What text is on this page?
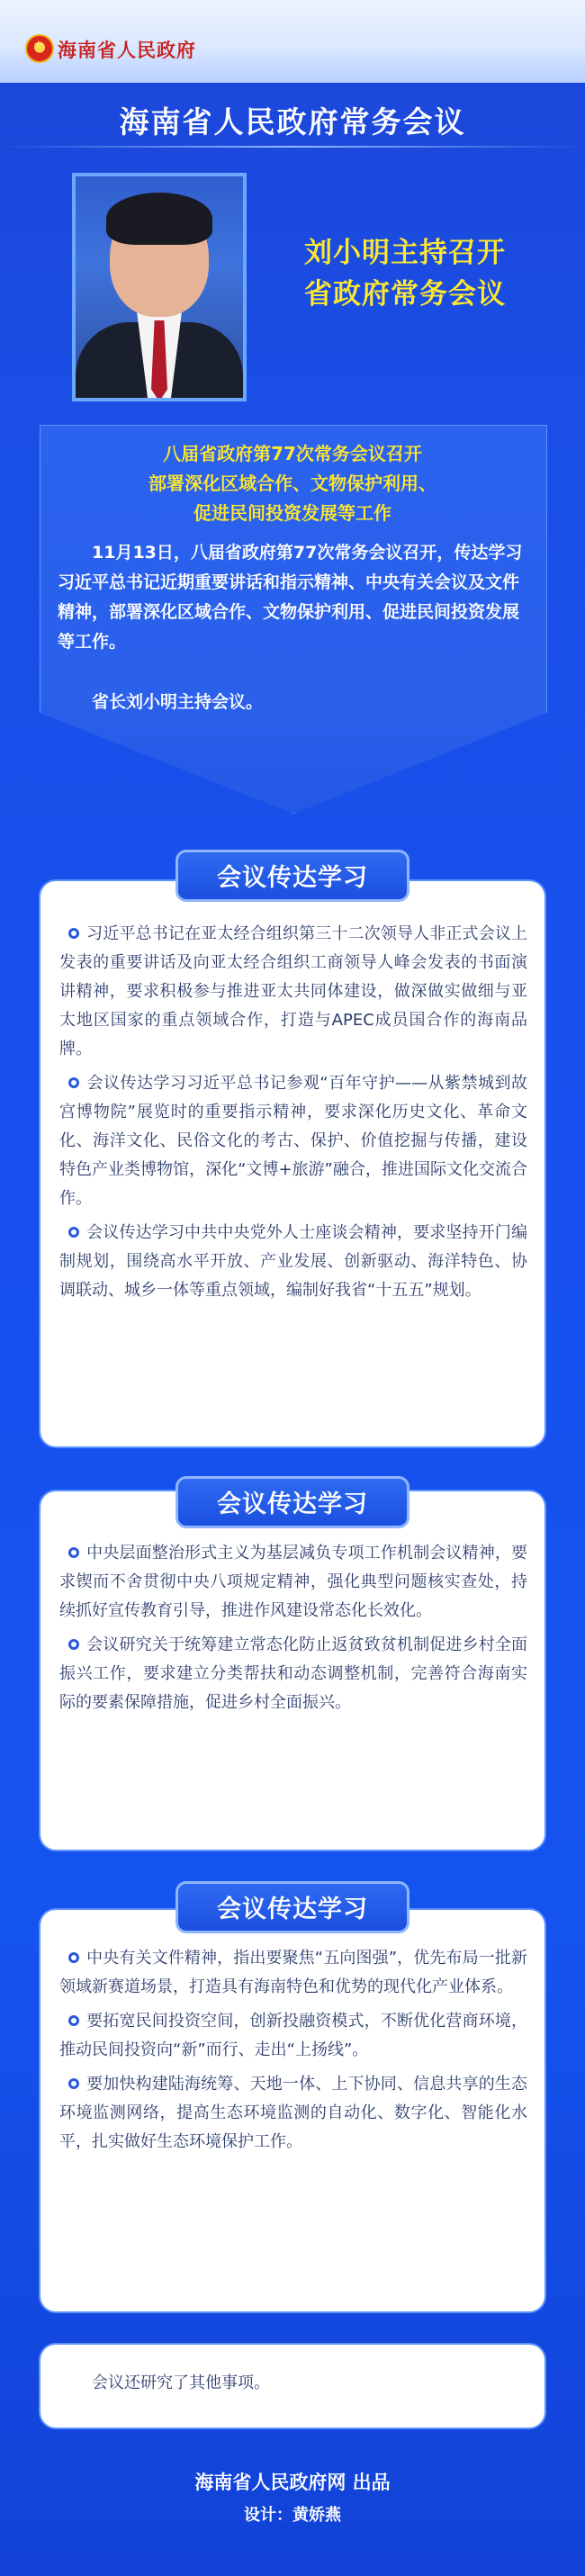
★
海南省人民政府
海南省人民政府常务会议
刘小明主持召开
省政府常务会议
八届省政府第77次常务会议召开
部署深化区域合作、文物保护利用、
促进民间投资发展等工作

11月13日，八届省政府第77次常务会议召开，传达学习习近平总书记近期重要讲话和指示精神、中央有关会议及文件精神，部署深化区域合作、文物保护利用、促进民间投资发展等工作。

省长刘小明主持会议。

会议传达学习

习近平总书记在亚太经合组织第三十二次领导人非正式会议上发表的重要讲话及向亚太经合组织工商领导人峰会发表的书面演讲精神，要求积极参与推进亚太共同体建设，做深做实做细与亚太地区国家的重点领域合作，打造与APEC成员国合作的海南品牌。

会议传达学习习近平总书记参观“百年守护——从紫禁城到故宫博物院”展览时的重要指示精神，要求深化历史文化、革命文化、海洋文化、民俗文化的考古、保护、价值挖掘与传播，建设特色产业类博物馆，深化“文博+旅游”融合，推进国际文化交流合作。

会议传达学习中共中央党外人士座谈会精神，要求坚持开门编制规划，围绕高水平开放、产业发展、创新驱动、海洋特色、协调联动、城乡一体等重点领域，编制好我省“十五五”规划。

会议传达学习

中央层面整治形式主义为基层减负专项工作机制会议精神，要求锲而不舍贯彻中央八项规定精神，强化典型问题核实查处，持续抓好宣传教育引导，推进作风建设常态化长效化。

会议研究关于统筹建立常态化防止返贫致贫机制促进乡村全面振兴工作，要求建立分类帮扶和动态调整机制，完善符合海南实际的要素保障措施，促进乡村全面振兴。

会议传达学习

中央有关文件精神，指出要聚焦“五向图强”，优先布局一批新领域新赛道场景，打造具有海南特色和优势的现代化产业体系。

要拓宽民间投资空间，创新投融资模式，不断优化营商环境，推动民间投资向“新”而行、走出“上扬线”。

要加快构建陆海统筹、天地一体、上下协同、信息共享的生态环境监测网络，提高生态环境监测的自动化、数字化、智能化水平，扎实做好生态环境保护工作。

会议还研究了其他事项。
海南省人民政府网 出品
设计：黄娇燕
